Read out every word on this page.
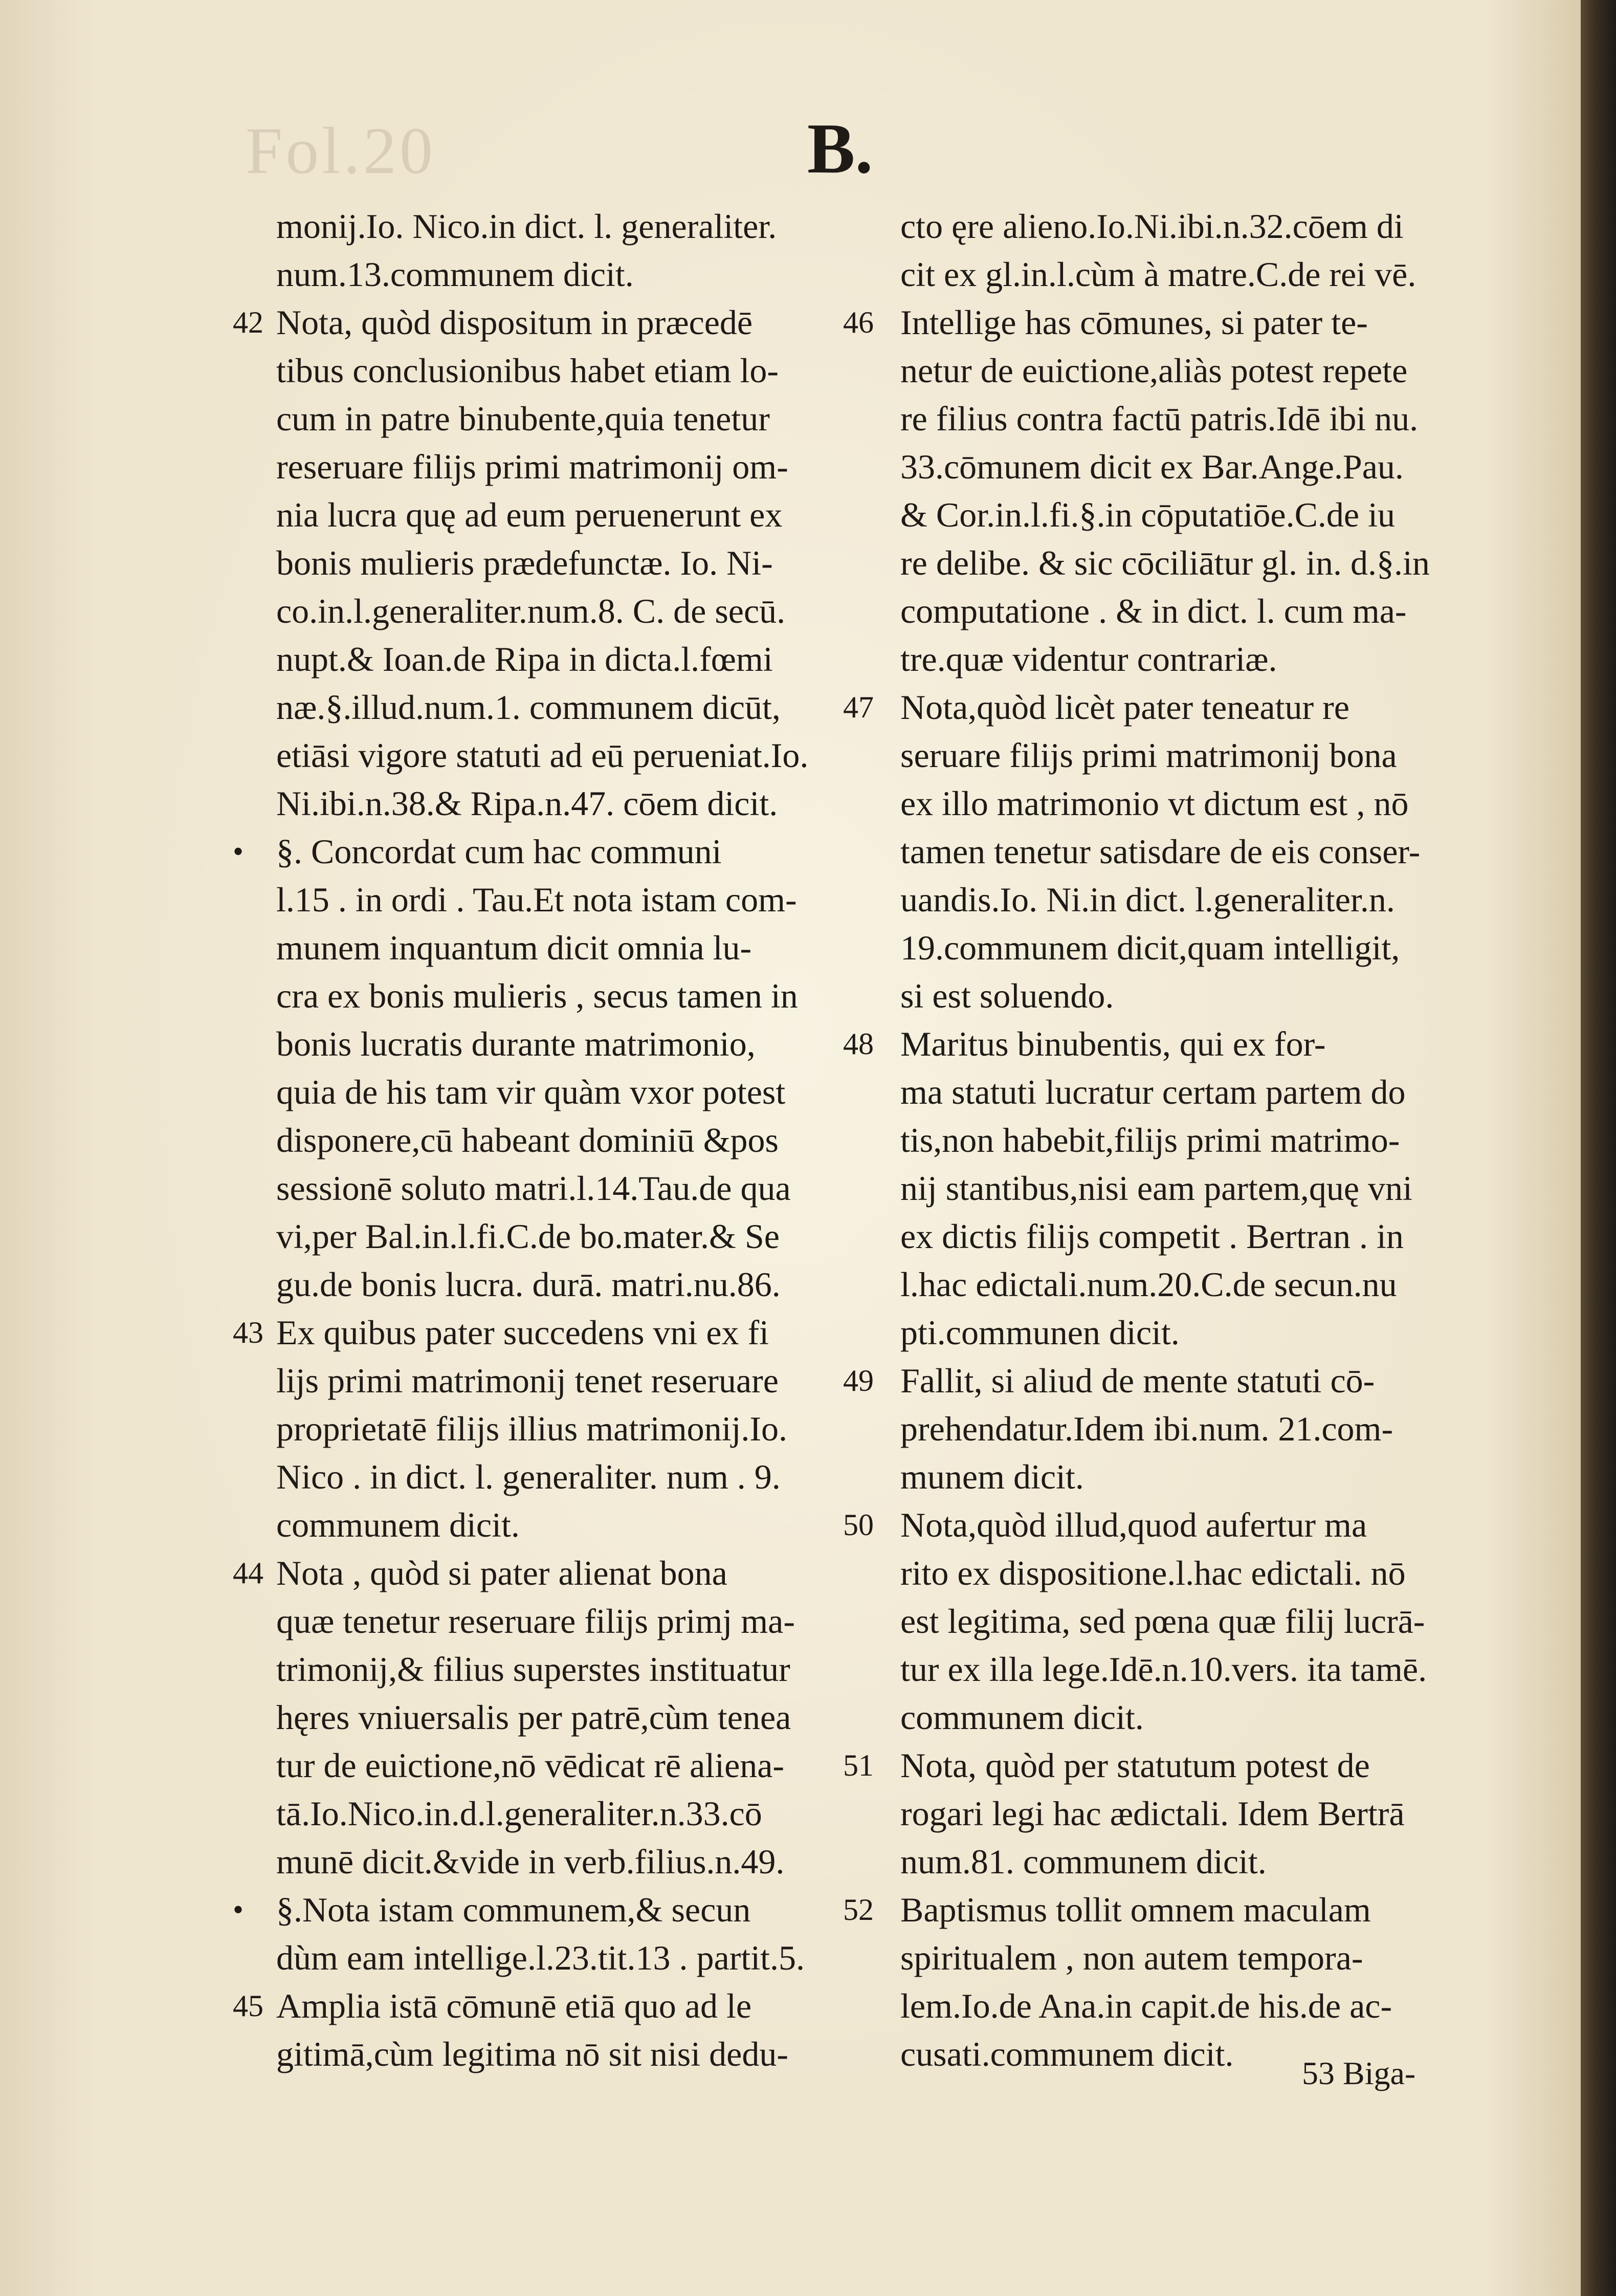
Fol.20	B.
monij.Io. Nico.in dict. l. generaliter.
num.13.communem dicit.
42 Nota, quòd dispositum in præcedē
tibus conclusionibus habet etiam lo-
cum in patre binubente,quia tenetur
reseruare filijs primi matrimonij om-
nia lucra quę ad eum peruenerunt ex
bonis mulieris prædefunctæ. Io. Ni-
co.in.l.generaliter.num.8. C. de secū.
nupt.& Ioan.de Ripa in dicta.l.fœmi
næ.§.illud.num.1. communem dicūt,
etiāsi vigore statuti ad eū perueniat.Io.
Ni.ibi.n.38.& Ripa.n.47. cōem dicit.
• §. Concordat cum hac communi
l.15 . in ordi . Tau.Et nota istam com-
munem inquantum dicit omnia lu-
cra ex bonis mulieris , secus tamen in
bonis lucratis durante matrimonio,
quia de his tam vir quàm vxor potest
disponere,cū habeant dominiū &pos
sessionē soluto matri.l.14.Tau.de qua
vi,per Bal.in.l.fi.C.de bo.mater.& Se
gu.de bonis lucra. durā. matri.nu.86.
43 Ex quibus pater succedens vni ex fi
lijs primi matrimonij tenet reseruare
proprietatē filijs illius matrimonij.Io.
Nico . in dict. l. generaliter. num . 9.
communem dicit.
44 Nota , quòd si pater alienat bona
quæ tenetur reseruare filijs primj ma-
trimonij,& filius superstes instituatur
hęres vniuersalis per patrē,cùm tenea
tur de euictione,nō vēdicat rē aliena-
tā.Io.Nico.in.d.l.generaliter.n.33.cō
munē dicit.&vide in verb.filius.n.49.
• §.Nota istam communem,& secun
dùm eam intellige.l.23.tit.13 . partit.5.
45 Amplia istā cōmunē etiā quo ad le
gitimā,cùm legitima nō sit nisi dedu-
cto ęre alieno.Io.Ni.ibi.n.32.cōem di
cit ex gl.in.l.cùm à matre.C.de rei vē.
46 Intellige has cōmunes, si pater te-
netur de euictione,aliàs potest repete
re filius contra factū patris.Idē ibi nu.
33.cōmunem dicit ex Bar.Ange.Pau.
& Cor.in.l.fi.§.in cōputatiōe.C.de iu
re delibe. & sic cōciliātur gl. in. d.§.in
computatione . & in dict. l. cum ma-
tre.quæ videntur contrariæ.
47 Nota,quòd licèt pater teneatur re
seruare filijs primi matrimonij bona
ex illo matrimonio vt dictum est , nō
tamen tenetur satisdare de eis conser-
uandis.Io. Ni.in dict. l.generaliter.n.
19.communem dicit,quam intelligit,
si est soluendo.
48 Maritus binubentis, qui ex for-
ma statuti lucratur certam partem do
tis,non habebit,filijs primi matrimo-
nij stantibus,nisi eam partem,quę vni
ex dictis filijs competit . Bertran . in
l.hac edictali.num.20.C.de secun.nu
pti.communen dicit.
49 Fallit, si aliud de mente statuti cō-
prehendatur.Idem ibi.num. 21.com-
munem dicit.
50 Nota,quòd illud,quod aufertur ma
rito ex dispositione.l.hac edictali. nō
est legitima, sed pœna quæ filij lucrā-
tur ex illa lege.Idē.n.10.vers. ita tamē.
communem dicit.
51 Nota, quòd per statutum potest de
rogari legi hac ædictali. Idem Bertrā
num.81. communem dicit.
52 Baptismus tollit omnem maculam
spiritualem , non autem tempora-
lem.Io.de Ana.in capit.de his.de ac-
cusati.communem dicit.	53 Biga-
